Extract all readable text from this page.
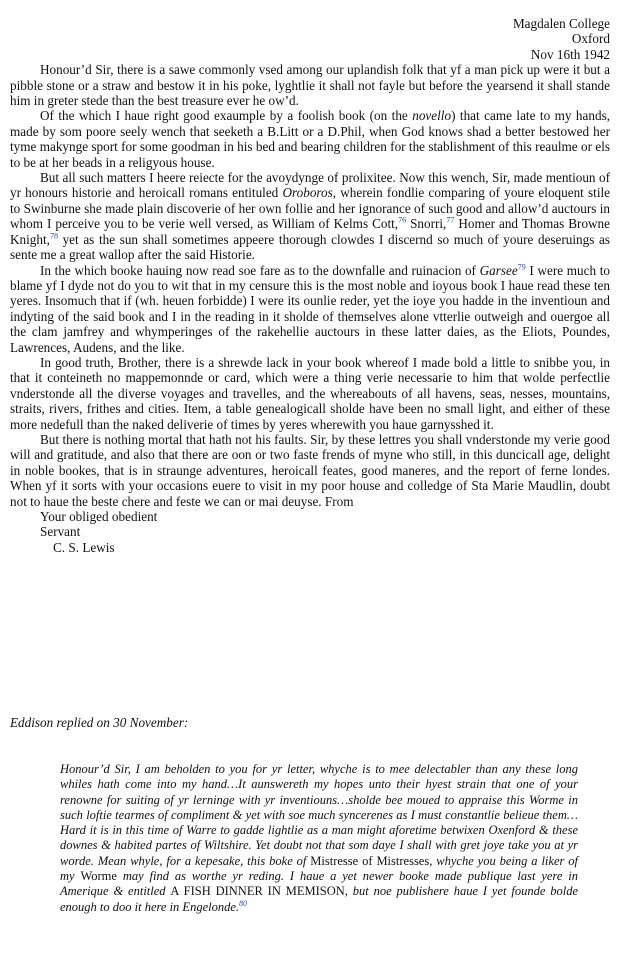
Magdalen College
Oxford
Nov 16th 1942

Honour’d Sir, there is a sawe commonly vsed among our uplandish folk that yf a man pick up were it but a pibble stone or a straw and bestow it in his poke, lyghtlie it shall not fayle but before the yearsend it shall stande him in greter stede than the best treasure ever he ow’d.

Of the which I haue right good exaumple by a foolish book (on the novello) that came late to my hands, made by som poore seely wench that seeketh a B.Litt or a D.Phil, when God knows shad a better bestowed her tyme makynge sport for some goodman in his bed and bearing children for the stablishment of this reaulme or els to be at her beads in a religyous house.

But all such matters I heere reiecte for the avoydynge of prolixitee. Now this wench, Sir, made mentioun of yr honours historie and heroicall romans entituled Oroboros, wherein fondlie comparing of youre eloquent stile to Swinburne she made plain discoverie of her own follie and her ignorance of such good and allow’d auctours in whom I perceive you to be verie well versed, as William of Kelms Cott,$^{76}$ Snorri,$^{77}$ Homer and Thomas Browne Knight,$^{78}$ yet as the sun shall sometimes appeere thorough clowdes I discernd so much of youre deseruings as sente me a great wallop after the said Historie.

In the which booke hauing now read soe fare as to the downfalle and ruinacion of Garsee$^{79}$ I were much to blame yf I dyde not do you to wit that in my censure this is the most noble and ioyous book I haue read these ten yeres. Insomuch that if (wh. heuen forbidde) I were its ounlie reder, yet the ioye you hadde in the inventioun and indyting of the said book and I in the reading in it sholde of themselves alone vtterlie outweigh and ouergoe all the clam jamfrey and whymperinges of the rakehellie auctours in these latter daies, as the Eliots, Poundes, Lawrences, Audens, and the like.

In good truth, Brother, there is a shrewde lack in your book whereof I made bold a little to snibbe you, in that it conteineth no mappemonnde or card, which were a thing verie necessarie to him that wolde perfectlie vnderstonde all the diverse voyages and travelles, and the whereabouts of all havens, seas, nesses, mountains, straits, rivers, frithes and cities. Item, a table genealogicall sholde have been no small light, and either of these more nedefull than the naked deliverie of times by yeres wherewith you haue garnysshed it.

But there is nothing mortal that hath not his faults. Sir, by these lettres you shall vnderstonde my verie good will and gratitude, and also that there are oon or two faste frends of myne who still, in this duncicall age, delight in noble bookes, that is in straunge adventures, heroicall feates, good maneres, and the report of ferne londes. When yf it sorts with your occasions euere to visit in my poor house and colledge of Sta Marie Maudlin, doubt not to haue the beste chere and feste we can or mai deuyse. From

Your obliged obedient
Servant
C. S. Lewis
Eddison replied on 30 November:
Honour’d Sir, I am beholden to you for yr letter, whyche is to mee delectabler than any these long whiles hath come into my hand…It aunswereth my hopes unto their hyest strain that one of your renowne for suiting of yr lerninge with yr inventiouns…sholde bee moued to appraise this Worme in such loftie tearmes of compliment & yet with soe much syncerenes as I must constantlie belieue them…Hard it is in this time of Warre to gadde lightlie as a man might aforetime betwixen Oxenford & these downes & habited partes of Wiltshire. Yet doubt not that som daye I shall with gret joye take you at yr worde. Mean whyle, for a kepesake, this boke of Mistresse of Mistresses, whyche you being a liker of my Worme may find as worthe yr reding. I haue a yet newer booke made publique last yere in Amerique & entitled A FISH DINNER IN MEMISON, but noe publishere haue I yet founde bolde enough to doo it here in Engelonde.$^{80}$
